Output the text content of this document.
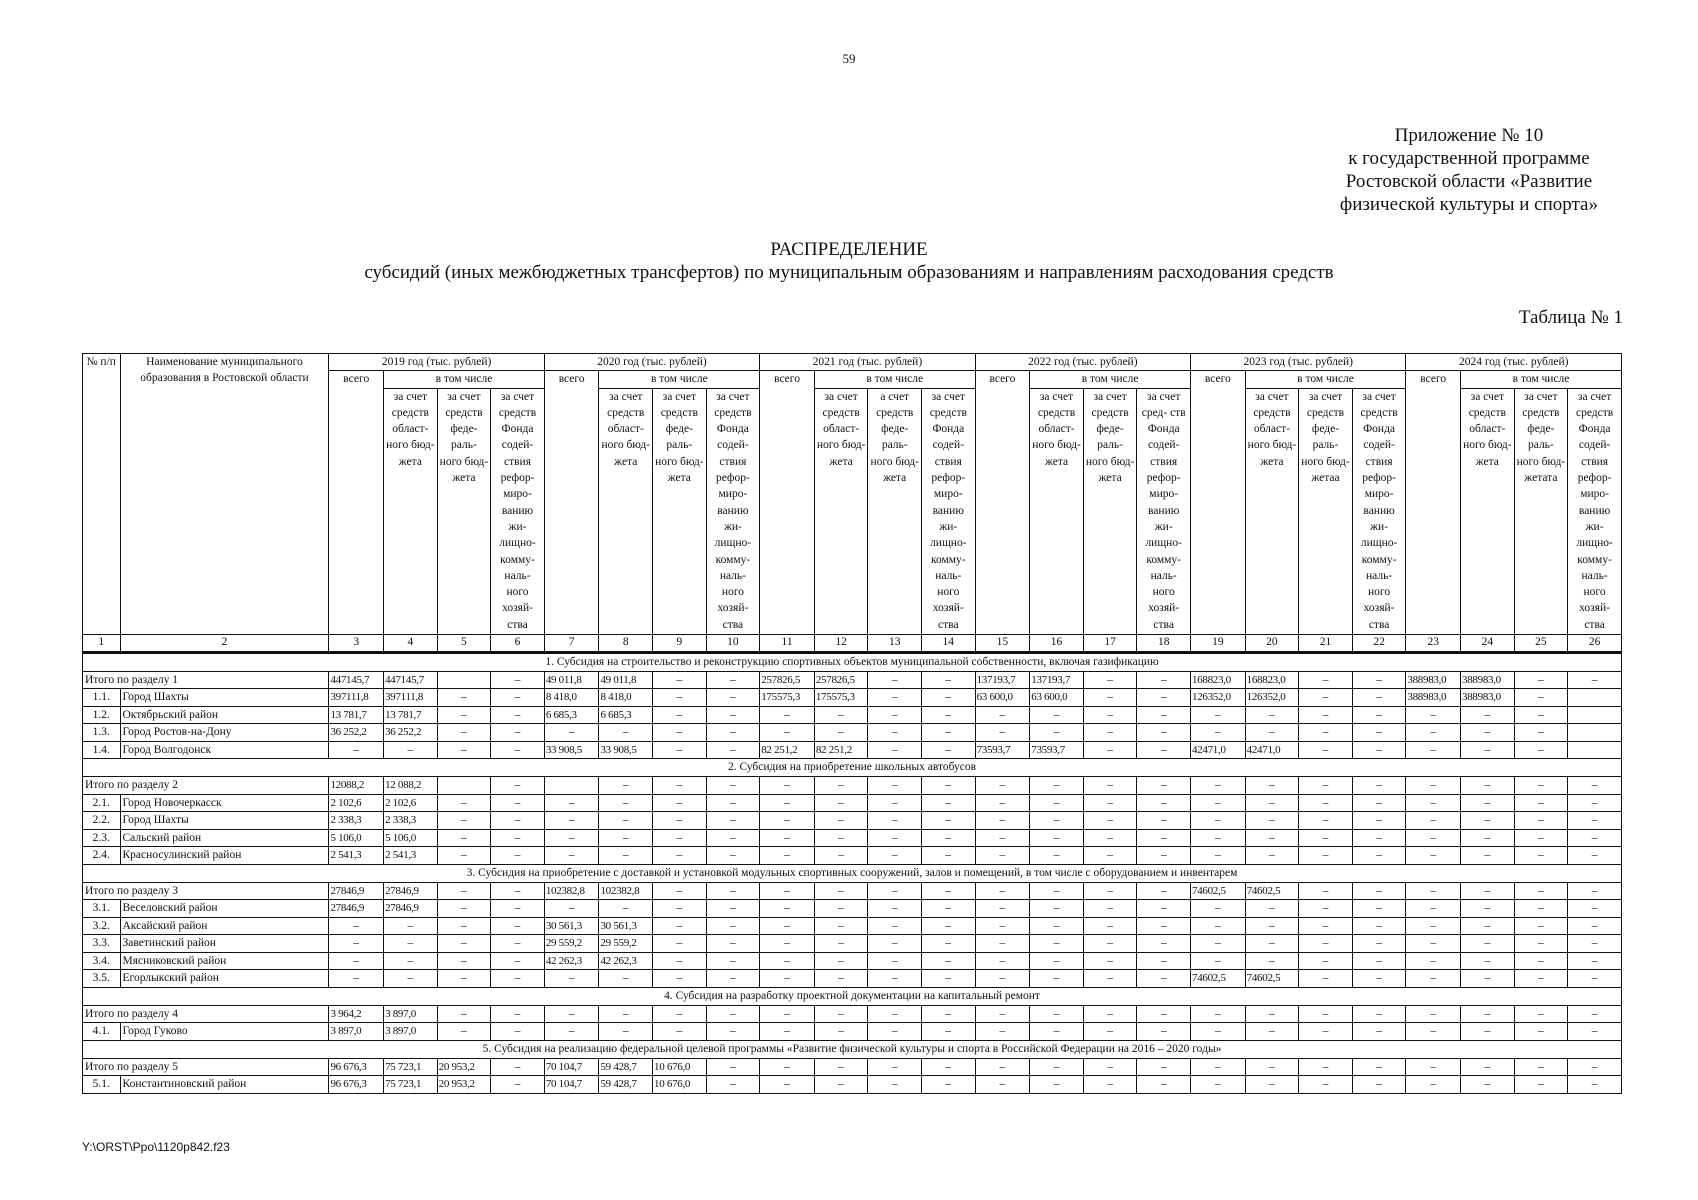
59
Приложение № 10
к государственной программе
Ростовской области «Развитие
физической культуры и спорта»
РАСПРЕДЕЛЕНИЕ
субсидий (иных межбюджетных трансфертов) по муниципальным образованиям и направлениям расходования средств
Таблица № 1
№ п/п	Наименование муниципального образования в Ростовской области	2019 год (тыс. рублей)				2020 год (тыс. рублей)				2021 год (тыс. рублей)				2022 год (тыс. рублей)				2023 год (тыс. рублей)				2024 год (тыс. рублей)			
		всего	в том числе			всего	в том числе			всего	в том числе			всего	в том числе			всего	в том числе			всего	в том числе		
			за счет средств област- ного бюд- жета	за счет средств феде- раль- ного бюд- жета	за счет средств Фонда содей- ствия рефор- миро- ванию жи- лищно- комму- наль- ного хозяй- ства		за счет средств област- ного бюд- жета	за счет средств феде- раль- ного бюд- жета	за счет средств Фонда содей- ствия рефор- миро- ванию жи- лищно- комму- наль- ного хозяй- ства		за счет средств област- ного бюд- жета	а счет средств феде- раль- ного бюд- жета	за счет средств Фонда содей- ствия рефор- миро- ванию жи- лищно- комму- наль- ного хозяй- ства		за счет средств област- ного бюд- жета	за счет средств феде- раль- ного бюд- жета	за счет сред- ств Фонда содей- ствия рефор- миро- ванию жи- лищно- комму- наль- ного хозяй- ства		за счет средств област- ного бюд- жета	за счет средств феде- раль- ного бюд- жетаа	за счет средств Фонда содей- ствия рефор- миро- ванию жи- лищно- комму- наль- ного хозяй- ства		за счет средств област- ного бюд- жета	за счет средств феде- раль- ного бюд- жетата	за счет средств Фонда содей- ствия рефор- миро- ванию жи- лищно- комму- наль- ного хозяй- ства
1	2	3	4	5	6	7	8	9	10	11	12	13	14	15	16	17	18	19	20	21	22	23	24	25	26
1. Субсидия на строительство и реконструкцию спортивных объектов муниципальной собственности, включая газификацию																									
Итого по разделу 1		447145,7	447145,7		–	49 011,8	49 011,8	–	–	257826,5	257826,5	–	–	137193,7	137193,7	–	–	168823,0	168823,0	–	–	388983,0	388983,0	–	–
1.1.	Город Шахты	397111,8	397111,8	–	–	8 418,0	8 418,0	–	–	175575,3	175575,3	–	–	63 600,0	63 600,0	–	–	126352,0	126352,0	–	–	388983,0	388983,0	–	
1.2.	Октябрьский район	13 781,7	13 781,7	–	–	6 685,3	6 685,3	–	–	–	–	–	–	–	–	–	–	–	–	–	–	–	–	–	
1.3.	Город Ростов-на-Дону	36 252,2	36 252,2	–	–	–	–	–	–	–	–	–	–	–	–	–	–	–	–	–	–	–	–	–	
1.4.	Город Волгодонск	–	–	–	–	33 908,5	33 908,5	–	–	82 251,2	82 251,2	–	–	73593,7	73593,7	–	–	42471,0	42471,0	–	–	–	–	–	
2. Субсидия на приобретение школьных автобусов																									
Итого по разделу 2		12088,2	12 088,2		–		–	–	–	–	–	–	–	–	–	–	–	–	–	–	–	–	–	–	–
2.1.	Город Новочеркасск	2 102,6	2 102,6	–	–	–	–	–	–	–	–	–	–	–	–	–	–	–	–	–	–	–	–	–	–
2.2.	Город Шахты	2 338,3	2 338,3	–	–	–	–	–	–	–	–	–	–	–	–	–	–	–	–	–	–	–	–	–	–
2.3.	Сальский район	5 106,0	5 106,0	–	–	–	–	–	–	–	–	–	–	–	–	–	–	–	–	–	–	–	–	–	–
2.4.	Красносулинский район	2 541,3	2 541,3	–	–	–	–	–	–	–	–	–	–	–	–	–	–	–	–	–	–	–	–	–	–
3. Субсидия на приобретение с доставкой и установкой модульных спортивных сооружений, залов и помещений, в том числе с оборудованием и инвентарем																									
Итого по разделу 3		27846,9	27846,9	–	–	102382,8	102382,8	–	–	–	–	–	–	–	–	–	–	74602,5	74602,5	–	–	–	–	–	–
3.1.	Веселовский район	27846,9	27846,9	–	–	–	–	–	–	–	–	–	–	–	–	–	–	–	–	–	–	–	–	–	–
3.2.	Аксайский район	–	–	–	–	30 561,3	30 561,3	–	–	–	–	–	–	–	–	–	–	–	–	–	–	–	–	–	–
3.3.	Заветинский район	–	–	–	–	29 559,2	29 559,2	–	–	–	–	–	–	–	–	–	–	–	–	–	–	–	–	–	–
3.4.	Мясниковский район	–	–	–	–	42 262,3	42 262,3	–	–	–	–	–	–	–	–	–	–	–	–	–	–	–	–	–	–
3.5.	Егорлыкский район	–	–	–	–	–	–	–	–	–	–	–	–	–	–	–	–	74602,5	74602,5	–	–	–	–	–	–
4. Субсидия на разработку проектной документации на капитальный ремонт																									
Итого по разделу 4		3 964,2	3 897,0	–	–	–	–	–	–	–	–	–	–	–	–	–	–	–	–	–	–	–	–	–	–
4.1.	Город Гуково	3 897,0	3 897,0	–	–	–	–	–	–	–	–	–	–	–	–	–	–	–	–	–	–	–	–	–	–
5. Субсидия на реализацию федеральной целевой программы «Развитие физической культуры и спорта в Российской Федерации на 2016 – 2020 годы»																									
Итого по разделу 5		96 676,3	75 723,1	20 953,2	–	70 104,7	59 428,7	10 676,0	–	–	–	–	–	–	–	–	–	–	–	–	–	–	–	–	–
5.1.	Константиновский район	96 676,3	75 723,1	20 953,2	–	70 104,7	59 428,7	10 676,0	–	–	–	–	–	–	–	–	–	–	–	–	–	–	–	–	–
Y:\ORST\Ppo\1120p842.f23
